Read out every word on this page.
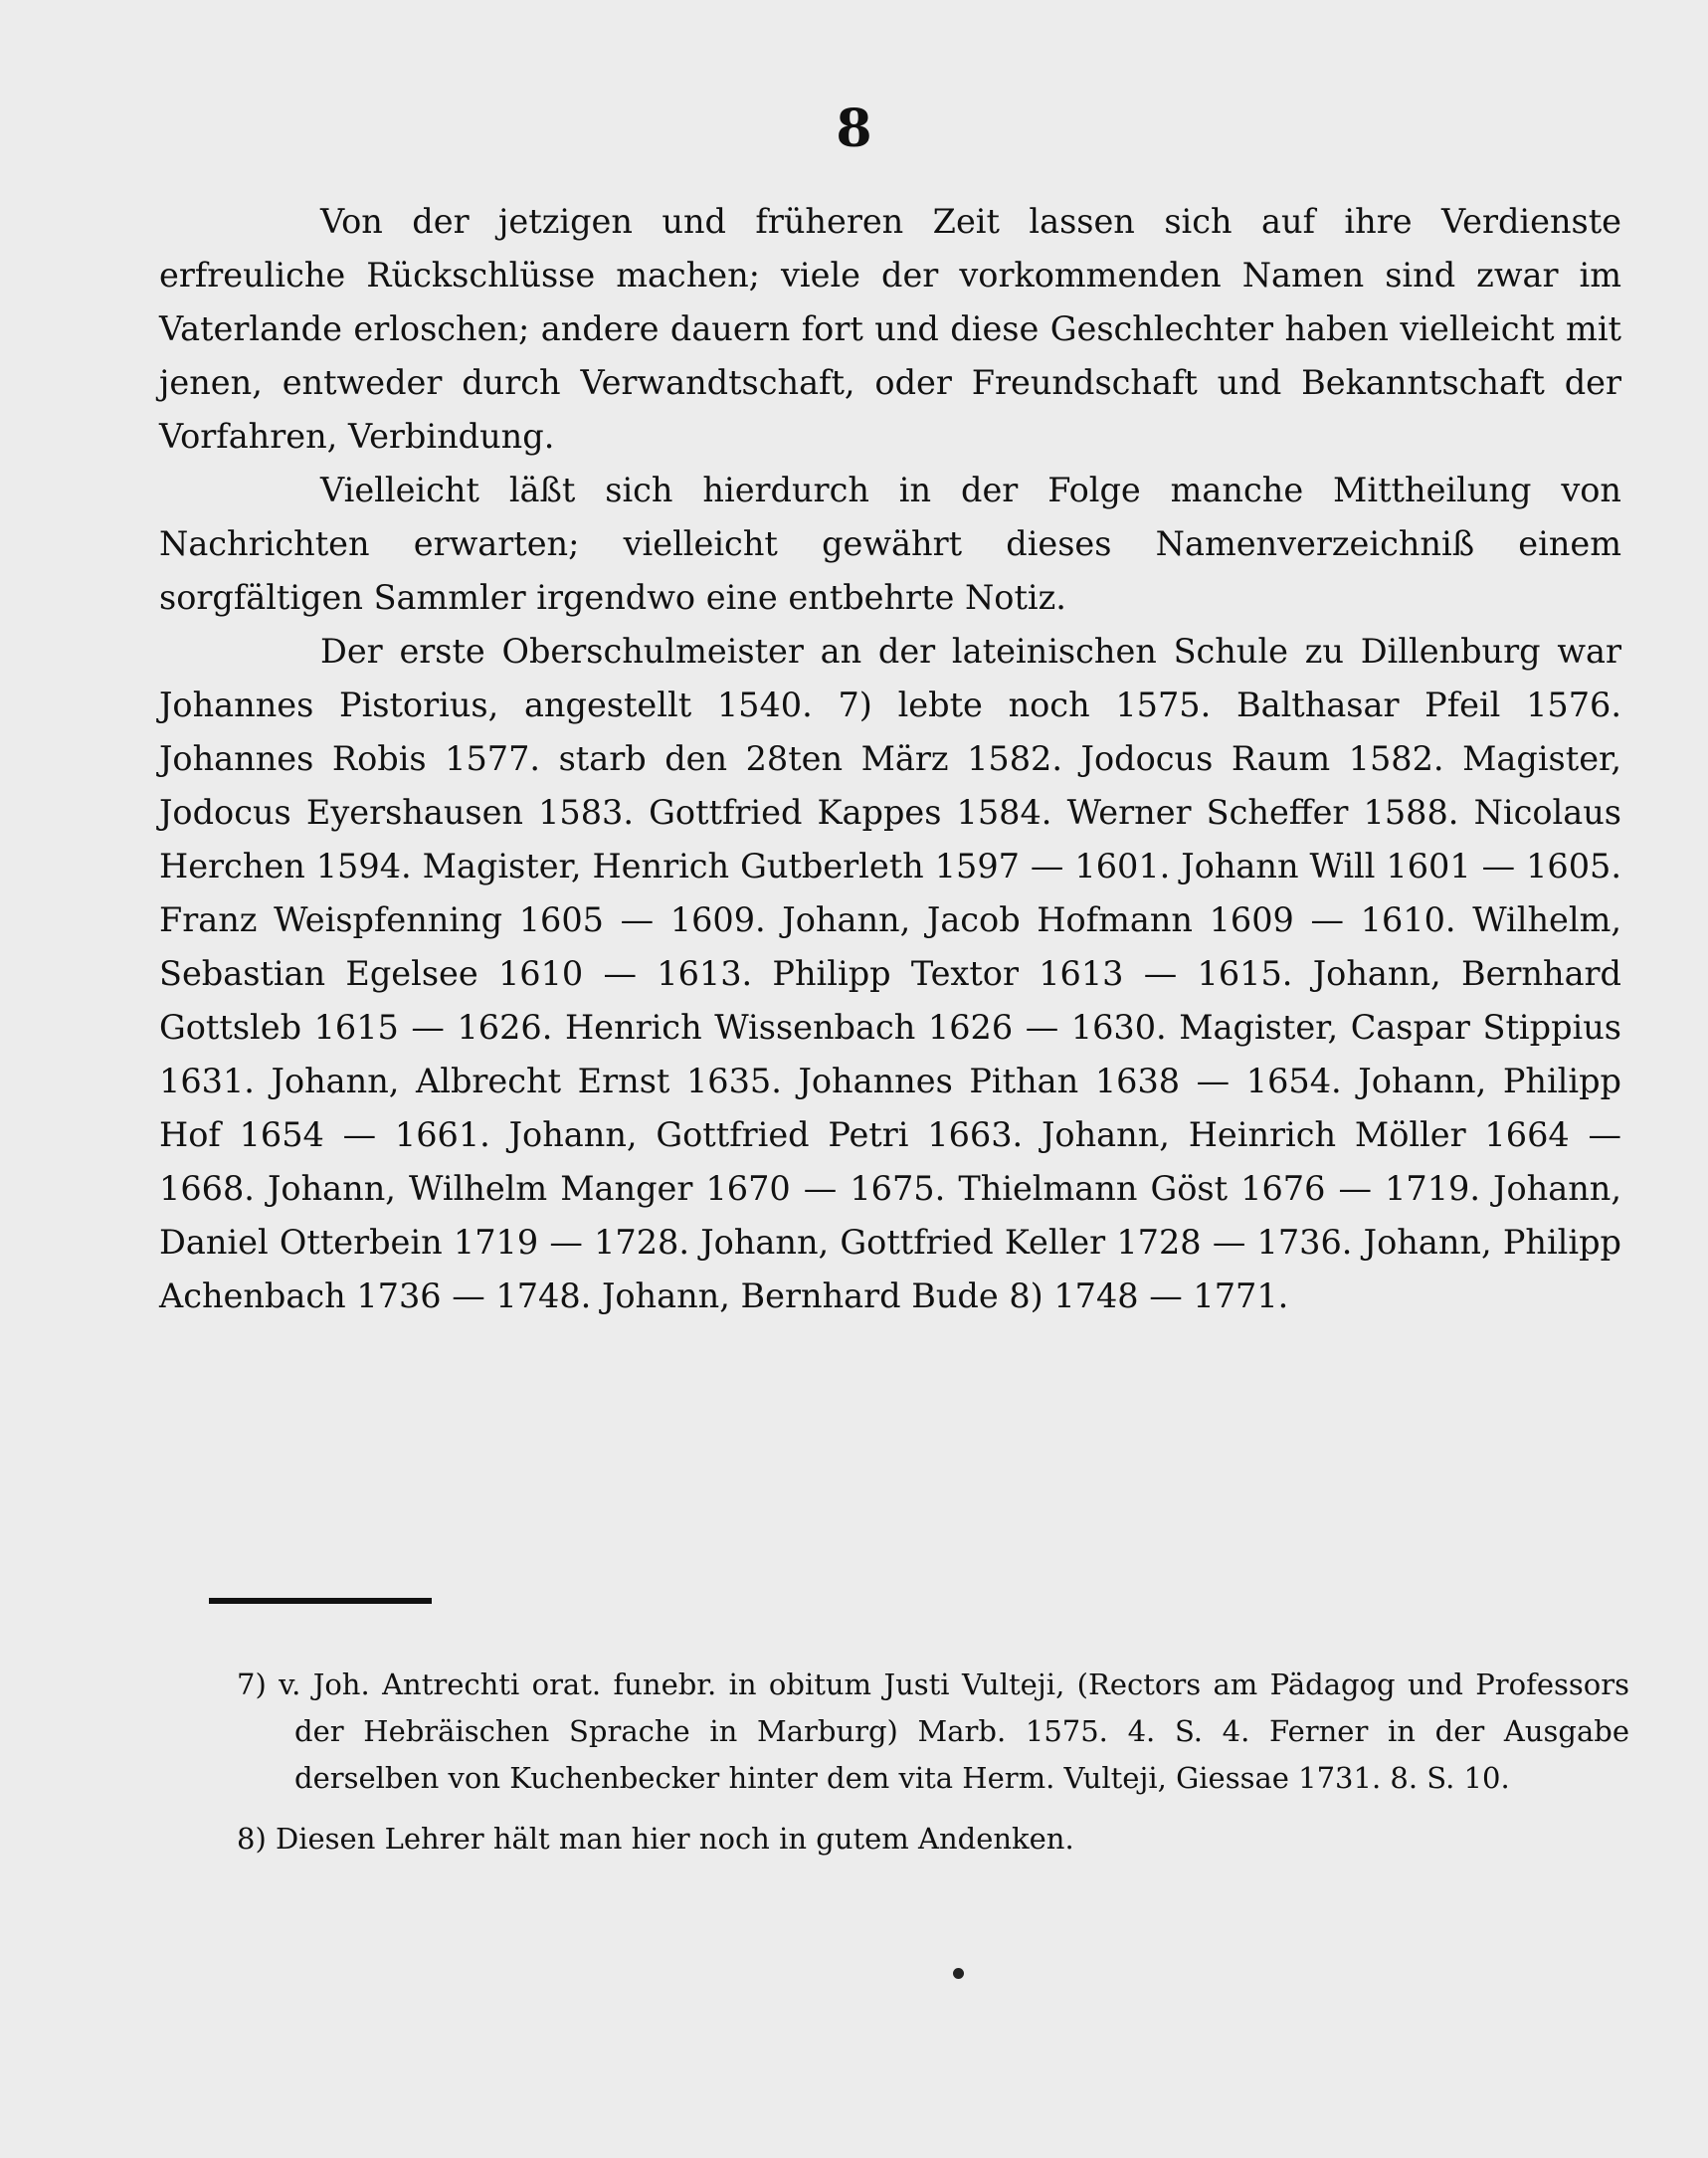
8

Von der jetzigen und früheren Zeit lassen sich auf ihre Verdienste erfreuliche Rückschlüsse machen; viele der vorkommenden Namen sind zwar im Vaterlande erloschen; andere dauern fort und diese Geschlechter haben vielleicht mit jenen, entweder durch Verwandtschaft, oder Freundschaft und Bekanntschaft der Vorfahren, Verbindung.

Vielleicht läßt sich hierdurch in der Folge manche Mittheilung von Nachrichten erwarten; vielleicht gewährt dieses Namenverzeichniß einem sorgfältigen Sammler irgendwo eine entbehrte Notiz.

Der erste Oberschulmeister an der lateinischen Schule zu Dillenburg war Johannes Pistorius, angestellt 1540. 7) lebte noch 1575. Balthasar Pfeil 1576. Johannes Robis 1577. starb den 28ten März 1582. Jodocus Raum 1582. Magister, Jodocus Eyershausen 1583. Gottfried Kappes 1584. Werner Scheffer 1588. Nicolaus Herchen 1594. Magister, Henrich Gutberleth 1597 — 1601. Johann Will 1601 — 1605. Franz Weispfenning 1605 — 1609. Johann, Jacob Hofmann 1609 — 1610. Wilhelm, Sebastian Egelsee 1610 — 1613. Philipp Textor 1613 — 1615. Johann, Bernhard Gottsleb 1615 — 1626. Henrich Wissenbach 1626 — 1630. Magister, Caspar Stippius 1631. Johann, Albrecht Ernst 1635. Johannes Pithan 1638 — 1654. Johann, Philipp Hof 1654 — 1661. Johann, Gottfried Petri 1663. Johann, Heinrich Möller 1664 — 1668. Johann, Wilhelm Manger 1670 — 1675. Thielmann Göst 1676 — 1719. Johann, Daniel Otterbein 1719 — 1728. Johann, Gottfried Keller 1728 — 1736. Johann, Philipp Achenbach 1736 — 1748. Johann, Bernhard Bude 8) 1748 — 1771.

7) v. Joh. Antrechti orat. funebr. in obitum Justi Vulteji, (Rectors am Pädagog und Professors der Hebräischen Sprache in Marburg) Marb. 1575. 4. S. 4. Ferner in der Ausgabe derselben von Kuchenbecker hinter dem vita Herm. Vulteji, Giessae 1731. 8. S. 10.

8) Diesen Lehrer hält man hier noch in gutem Andenken.
